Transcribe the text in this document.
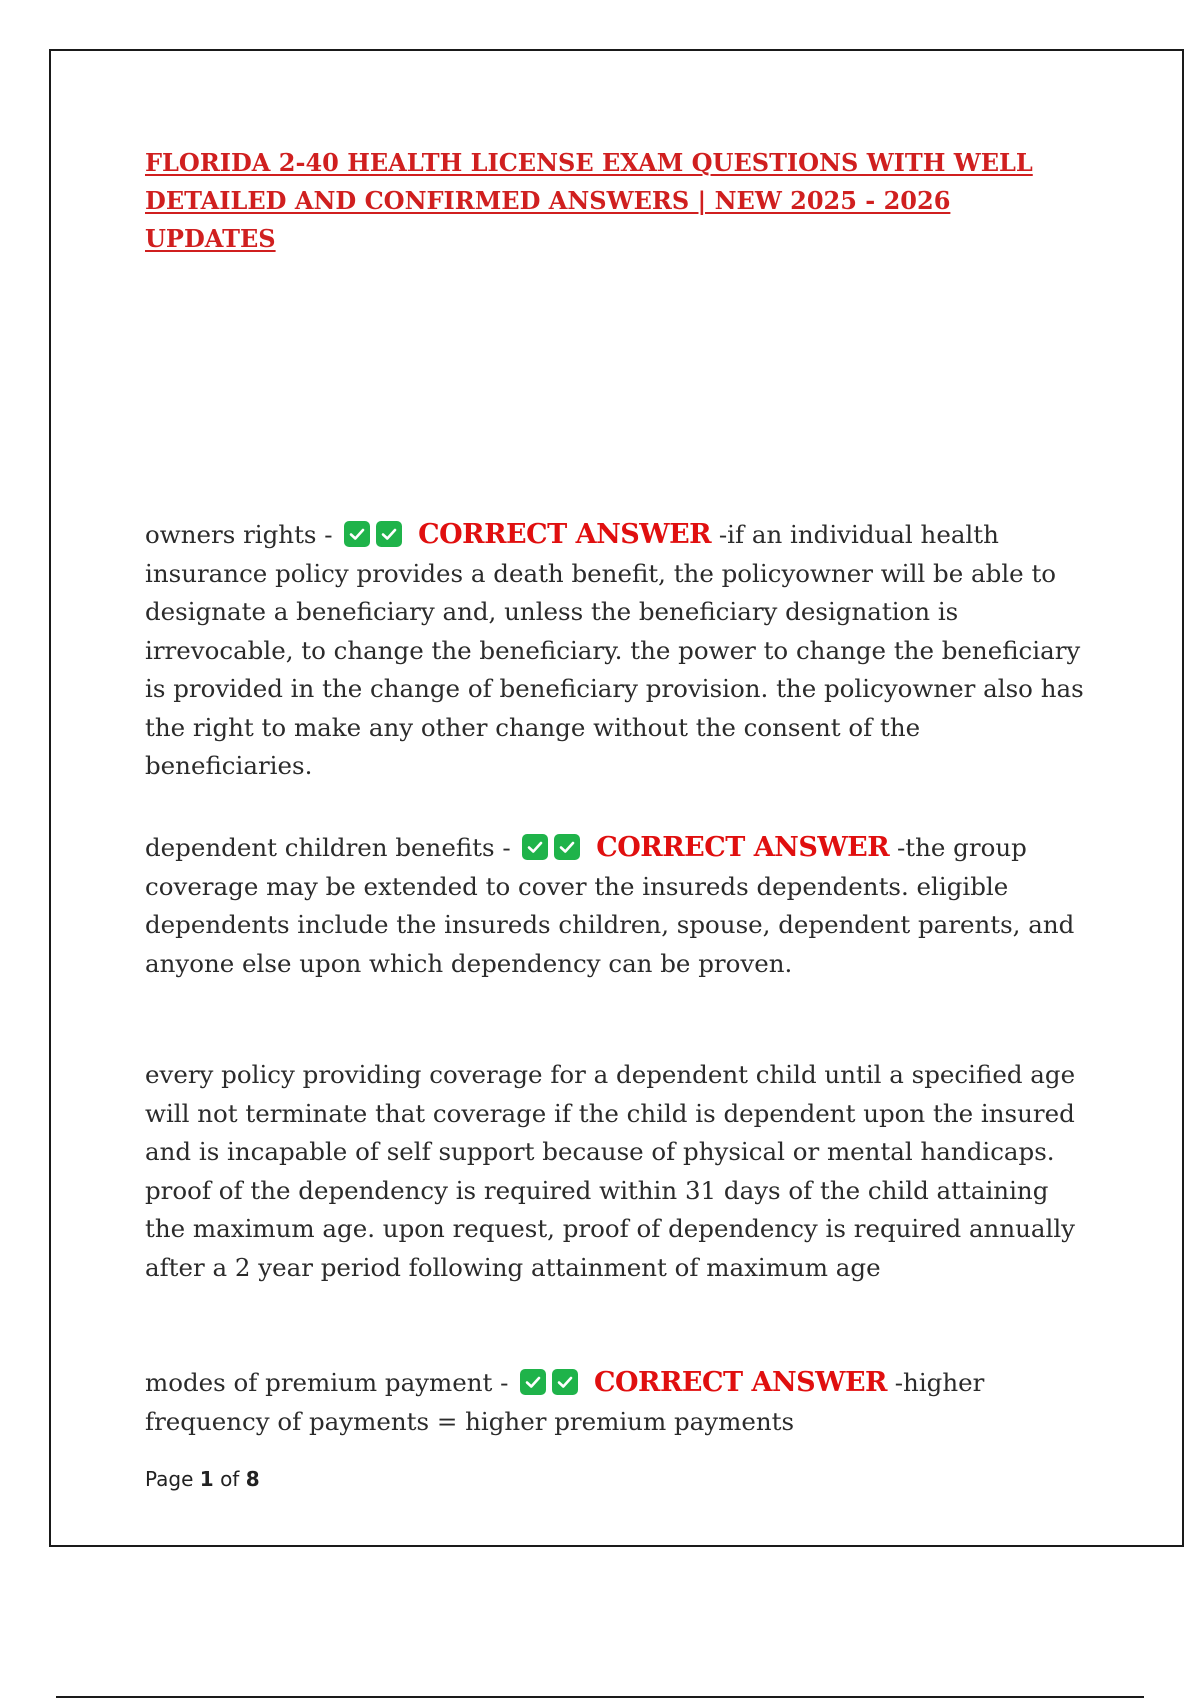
FLORIDA 2-40 HEALTH LICENSE EXAM QUESTIONS WITH WELL
DETAILED AND CONFIRMED ANSWERS | NEW 2025 - 2026 UPDATES

owners rights -	CORRECT ANSWER -if an individual health insurance policy provides a death benefit, the policyowner will be able to designate a beneficiary and, unless the beneficiary designation is irrevocable, to change the beneficiary. the power to change the beneficiary is provided in the change of beneficiary provision. the policyowner also has the right to make any other change without the consent of the beneficiaries.

dependent children benefits -	CORRECT ANSWER -the group coverage may be extended to cover the insureds dependents. eligible dependents include the insureds children, spouse, dependent parents, and anyone else upon which dependency can be proven.

every policy providing coverage for a dependent child until a specified age will not terminate that coverage if the child is dependent upon the insured and is incapable of self support because of physical or mental handicaps. proof of the dependency is required within 31 days of the child attaining the maximum age. upon request, proof of dependency is required annually after a 2 year period following attainment of maximum age

modes of premium payment -	CORRECT ANSWER -higher frequency of payments = higher premium payments

Page 1 of 8
